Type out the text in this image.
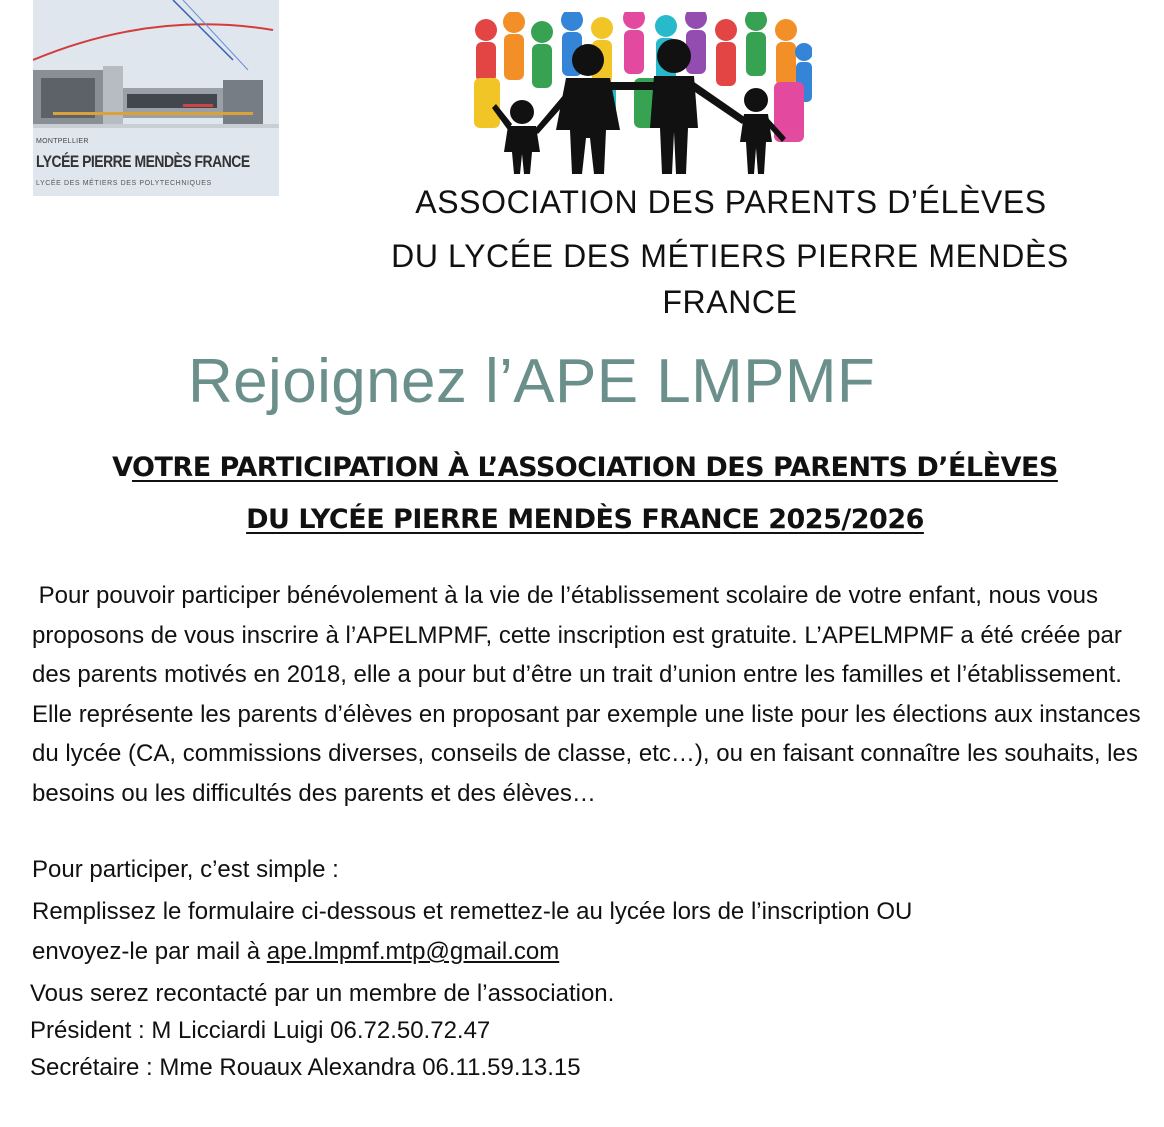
MONTPELLIER
LYCÉE PIERRE MENDÈS FRANCE
LYCÉE DES MÉTIERS DES POLYTECHNIQUES
ASSOCIATION DES PARENTS D’ÉLÈVES
DU LYCÉE DES MÉTIERS PIERRE MENDÈS
FRANCE
Rejoignez l’APE LMPMF
VOTRE PARTICIPATION À L’ASSOCIATION DES PARENTS D’ÉLÈVES
DU LYCÉE PIERRE MENDÈS FRANCE 2025/2026

Pour pouvoir participer bénévolement à la vie de l’établissement scolaire de votre enfant, nous vous proposons de vous inscrire à l’APELMPMF, cette inscription est gratuite. L’APELMPMF a été créée par des parents motivés en 2018, elle a pour but d’être un trait d’union entre les familles et l’établissement. Elle représente les parents d’élèves en proposant par exemple une liste pour les élections aux instances du lycée (CA, commissions diverses, conseils de classe, etc…), ou en faisant connaître les souhaits, les besoins ou les difficultés des parents et des élèves…

Pour participer, c’est simple :
Remplissez le formulaire ci-dessous et remettez-le au lycée lors de l’inscription OU
envoyez-le par mail à ape.lmpmf.mtp@gmail.com
Vous serez recontacté par un membre de l’association.
Président : M Licciardi Luigi 06.72.50.72.47
Secrétaire : Mme Rouaux Alexandra 06.11.59.13.15
